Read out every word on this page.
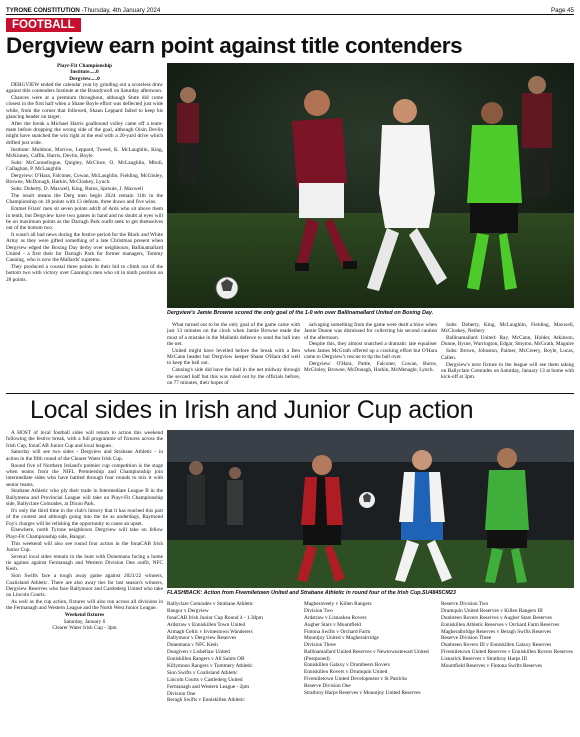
TYRONE CONSTITUTION -Thursday, 4th January 2024	Page 45
FOOTBALL
Dergview earn point against title contenders
Playr-Fit Championship
Institute.....0
Dergview.....0

DERGVIEW ended the calendar year by grinding out a scoreless draw against title contenders Institute at the Brandywell on Saturday afternoon.

Chances were at a premium throughout, although Stute did come closest in the first half when a Shane Boyle effort was deflected just wide while, from the corner that followed, Shaun Leppard failed to keep his glancing header on target.

After the break a Michael Harris goalbound volley came off a team-mate before dropping the wrong side of the goal, although Oisin Devlin might have snatched the win right at the end with a 20-yard drive which drifted just wide.

Institute: Muldoon, Morrow, Leppard, Tweed, K. McLaughlin, King, McKinney, Caffin, Harris, Devlin, Boyle.

Subs: McConnellogue, Quigley, McClure, O. McLaughlin, Mbuli, Callaghan, P. McLaughlin

Dergview: O'Hara, Falconer, Cowan, McLaughlin, Fielding, McGinley, Browne, McDonagh, Harkin, McCloskey, Lynch.

Subs: Doherty, D. Maxwell, King, Burns, Sproule, J. Maxwell

The result means the Derg men begin 2024 remain 11th in the Championship on 18 points with 13 defeats, three draws and five wins.

Emmet Friars' men sit seven points adrift of Ards who sit above them in tenth, but Dergview have two games in hand and no doubt al eyes will be on maximum points as the Darragh Park outfit seek to get themselves out of the bottom two.

It wasn't all bad news during the festive period for the Black and White Army as they were gifted something of a late Christmas present when Dergview edged the Boxing Day derby over neighbours, Ballinamallard United - a first their for Darragh Park for former managers, Tommy Canning, who is now the Mallards' supremo.

They produced a coustal three points in their bid to climb out of the bottom two with victory over Canning's men who sit in ninth position on 28 points.

Dergview's Jamie Browne scored the only goal of the 1-0 win over Ballinamallard United on Boxing Day.

What turned out to be the only goal of the game came with just 13 minutes on the clock when Jamie Browne made the most of a mistake in the Mallards defence to send the ball into the net.

United might have levelled before the break with a Ben McCann header but Dergview keeper Shane O'Hara did well to keep the ball out.

Canning's side did have the ball in the net midway through the second half but this was ruled out by the officials before, on 77 minutes, their hopes of

salvaging something from the game were dealt a blow when Jamie Dunne was dismissed for collecting his second caution of the afternoon.

Despite this, they almost snatched a dramatic late equaliser when James McGrath offered up a cracking effort but O'Hara came to Dergview's rescue to tip the ball over.

Dergview: O'Hara, Pattie, Falconer, Cowan, Burns, McGinley, Browne, McDonagh, Harkin, McMenagle, Lynch.

Subs: Doherty, King, McLaughlin, Fielding, Maxwell, McCloskey, Nethery

Ballinamallard United: Ray, McCann, Holder, Atkinson, Dunne, Byrne, Warrington, Edgar, Smyton, McGrath, Maguire

Subs: Brown, Johnston, Palmer, McCreery, Boyle, Lucas, Callen.

Dergview's next fixture in the league will see them taking on Ballyclare Comrades on Saturday, January 13 at home with kick-off at 3pm.

Local sides in Irish and Junior Cup action

A HOST of local football sides will return to action this weekend following the festive break, with a full programme of fixtures across the Irish Cup, fonaCAB Junior Cup and local leagues.

Saturday will see two sides - Dergview and Strabane Athletic - in action in the fifth round of the Clearer Water Irish Cup.

Round five of Northern Ireland's premier cup competition is the stage when teams from the NIFL Premiership and Championship join intermediate sides who have battled through four rounds to mix it with senior teams.

Strabane Athletic who ply their trade in Intermediate League B in the Ballymena and Provincial League will take on Playr-Fit Championship side, Ballyclare Comrades, at Dixon Park.

It's only the third time in the club's history that it has reached this part of the contest and although going into the tie as underdogs, Raymond Foy's charges will be relishing the opportunity to cause an upset.

Elsewhere, north Tyrone neighbours Dergview will take on fellow Playr-Fit Championship side, Bangor.

This weekend will also see round four action in the fonaCAB Irish Junior Cup.

Several local sides remain in the hunt with Donemana facing a home tie against against Fermanagh and Western Division One outfit, NFC Kesh.

Sion Swifts face a tough away game against 2021/22 winners, Coalisland Athletic. There are also away ties for last season's winners, Dergview Reserves who face Ballymoor and Castlederg United who take on Lincoln Courts.

As well as the cup action, fixtures will also run across all divisions in the Fermanagh and Western League and the North West Junior League.

Weekend fixtures
Saturday, January 6
Clearer Water Irish Cup - 3pm
FLASHBACK: Action from Fivemiletown United and Strabane Athletic in round four of the Irish Cup.SU4845CM23

Ballyclare Comrades v Strabane Athletic

Bangor v Dergview

fonaCAB Irish Junior Cup Round 4 - 1.30pm

Ardstraw v Enniskillen Town United

Armagh Celtic v Irvinestown Wanderers

Ballymoor v Dergview Reserves

Donemana v NFC Kesh

Dungiven v Lisbellaw United

Enniskillen Rangers v All Saints OB

Killymoon Rangers v Tummery Athletic

Sion Swifts v Coalisland Athletic

Lincoln Courts v Castlederg United

Fermanagh and Western League - 2pm

Division One

Beragh Swifts v Enniskillen Athletic

Magheraveely v Killen Rangers

Division Two

Ardstraw v Lisnaskea Rovers

Augher Stars v Mountfield

Fintona Swifts v Orchard Farm

Mountjoy United v Magheralrridge

Division Three

Ballinamallard United Reserves v Newtownstewart United (Postponed)

Enniskillen Galaxy v Drumbeers Rovers

Enniskillen Rovers v Drumquin United

Fivemiletown United Development v St Patricks

Reserve Division One

Strathroy Harps Reserves v Mountjoy United Reserves

Reserve Division Two

Drumquin United Reserves v Killen Rangers III

Dunbreen Rovers Reserves v Augher Stars Reserves

Enniskillen Athletic Reserves v Orchard Farm Reserves

Magheralbridge Reserves v Beragh Swifts Reserves

Reserve Division Three

Dunbreen Rovers III v Enniskillen Galaxy Reserves

Fivemiletown United Reserves v Enniskillen Rovers Reserves

Lisnarick Reserves v Strathroy Harps III

Mountfield Reserves v Fintona Swifts Reserves
